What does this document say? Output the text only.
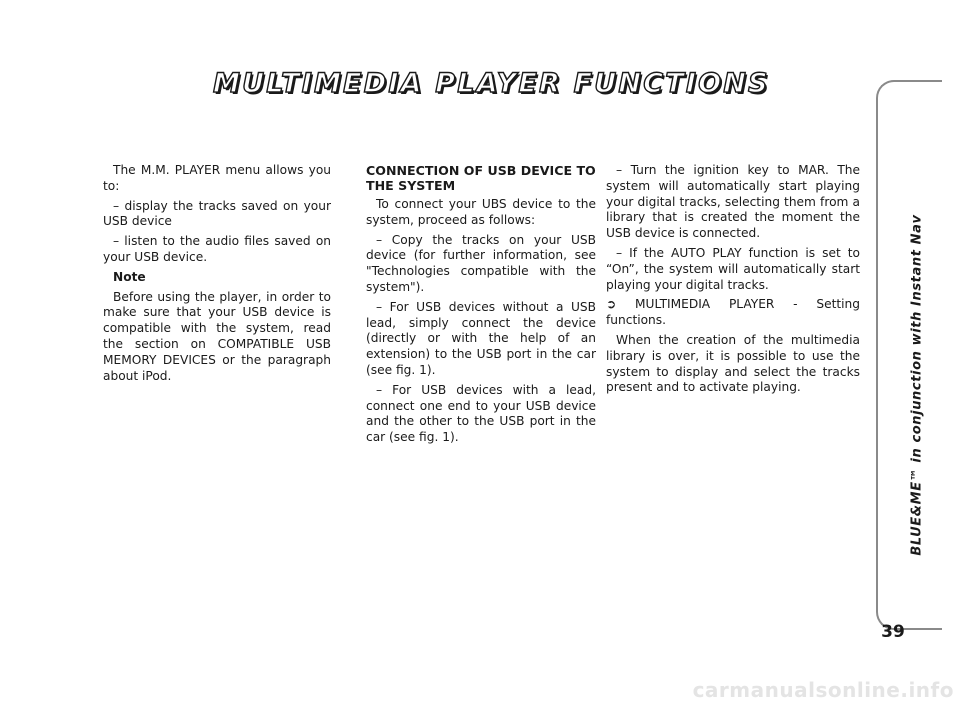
MULTIMEDIA PLAYER FUNCTIONS

The M.M. PLAYER menu allows you to:

– display the tracks saved on your USB device

– listen to the audio files saved on your USB device.

Note

Before using the player, in order to make sure that your USB device is compatible with the system, read the section on COMPATIBLE USB MEMORY DEVICES or the paragraph about iPod.

CONNECTION OF USB DEVICE TO THE SYSTEM

To connect your UBS device to the system, proceed as follows:

– Copy the tracks on your USB device (for further information, see "Technologies compatible with the system").

– For USB devices without a USB lead, simply connect the device (directly or with the help of an extension) to the USB port in the car (see fig. 1).

– For USB devices with a lead, connect one end to your USB device and the other to the USB port in the car (see fig. 1).

– Turn the ignition key to MAR. The system will automatically start playing your digital tracks, selecting them from a library that is created the moment the USB device is connected.

– If the AUTO PLAY function is set to “On”, the system will automatically start playing your digital tracks.

➲ MULTIMEDIA PLAYER - Setting functions.

When the creation of the multimedia library is over, it is possible to use the system to display and select the tracks present and to activate playing.	BLUE&ME™ in conjunction with Instant Nav
39
carmanualsonline.info
